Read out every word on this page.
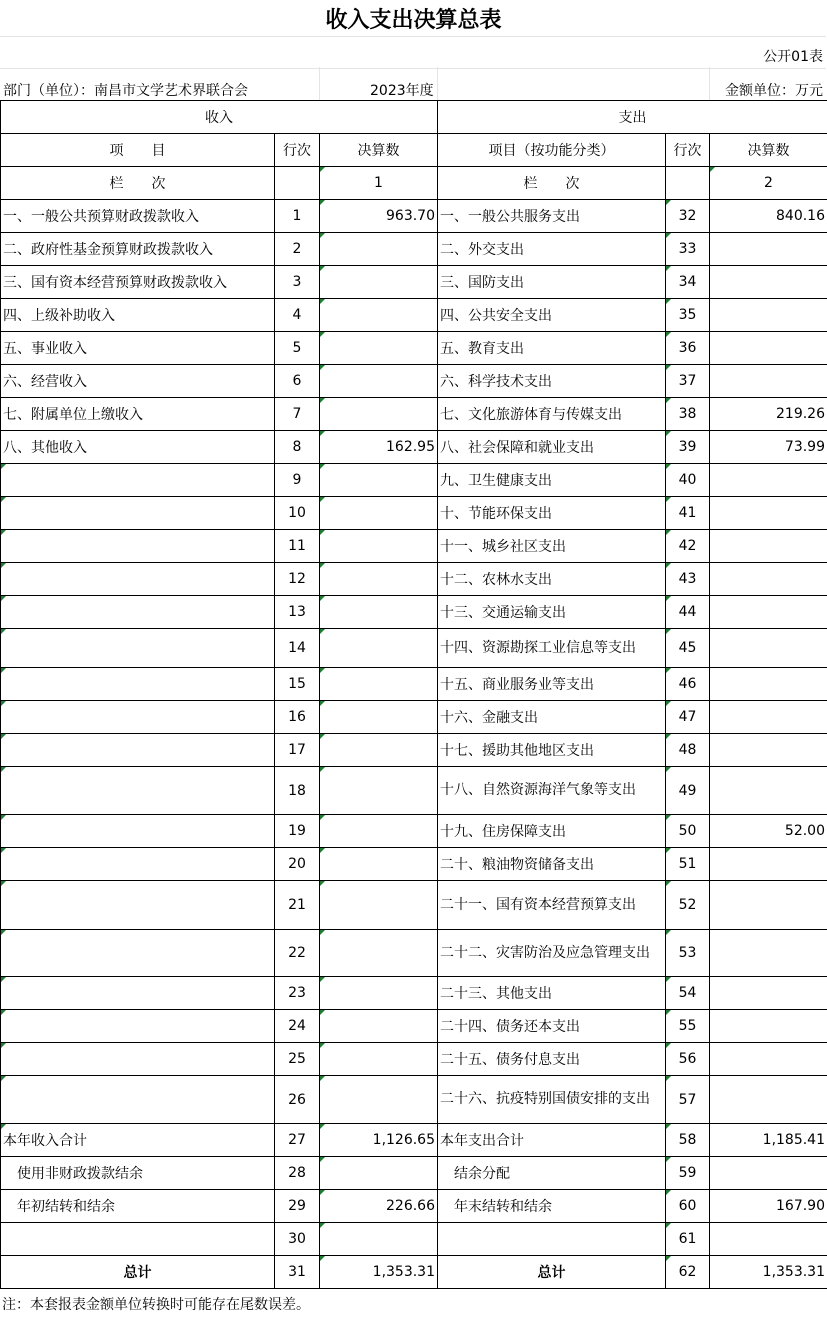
收入支出决算总表
公开01表
部门（单位）：南昌市文学艺术界联合会	2023年度	金额单位：万元
收入			支出		
项　　目	行次	决算数	项目（按功能分类）	行次	决算数
栏　　次		1	栏　　次		2
一、一般公共预算财政拨款收入	1	963.70	一、一般公共服务支出	32	840.16
二、政府性基金预算财政拨款收入	2		二、外交支出	33	
三、国有资本经营预算财政拨款收入	3		三、国防支出	34	
四、上级补助收入	4		四、公共安全支出	35	
五、事业收入	5		五、教育支出	36	
六、经营收入	6		六、科学技术支出	37	
七、附属单位上缴收入	7		七、文化旅游体育与传媒支出	38	219.26
八、其他收入	8	162.95	八、社会保障和就业支出	39	73.99
	9		九、卫生健康支出	40	
	10		十、节能环保支出	41	
	11		十一、城乡社区支出	42	
	12		十二、农林水支出	43	
	13		十三、交通运输支出	44	
	14		十四、资源勘探工业信息等支出	45	
	15		十五、商业服务业等支出	46	
	16		十六、金融支出	47	
	17		十七、援助其他地区支出	48	
	18		十八、自然资源海洋气象等支出	49	
	19		十九、住房保障支出	50	52.00
	20		二十、粮油物资储备支出	51	
	21		二十一、国有资本经营预算支出	52	
	22		二十二、灾害防治及应急管理支出	53	
	23		二十三、其他支出	54	
	24		二十四、债务还本支出	55	
	25		二十五、债务付息支出	56	
	26		二十六、抗疫特别国债安排的支出	57	
本年收入合计	27	1,126.65	本年支出合计	58	1,185.41
使用非财政拨款结余	28		结余分配	59	
年初结转和结余	29	226.66	年末结转和结余	60	167.90
	30			61	
总计	31	1,353.31	总计	62	1,353.31
注：本套报表金额单位转换时可能存在尾数误差。
